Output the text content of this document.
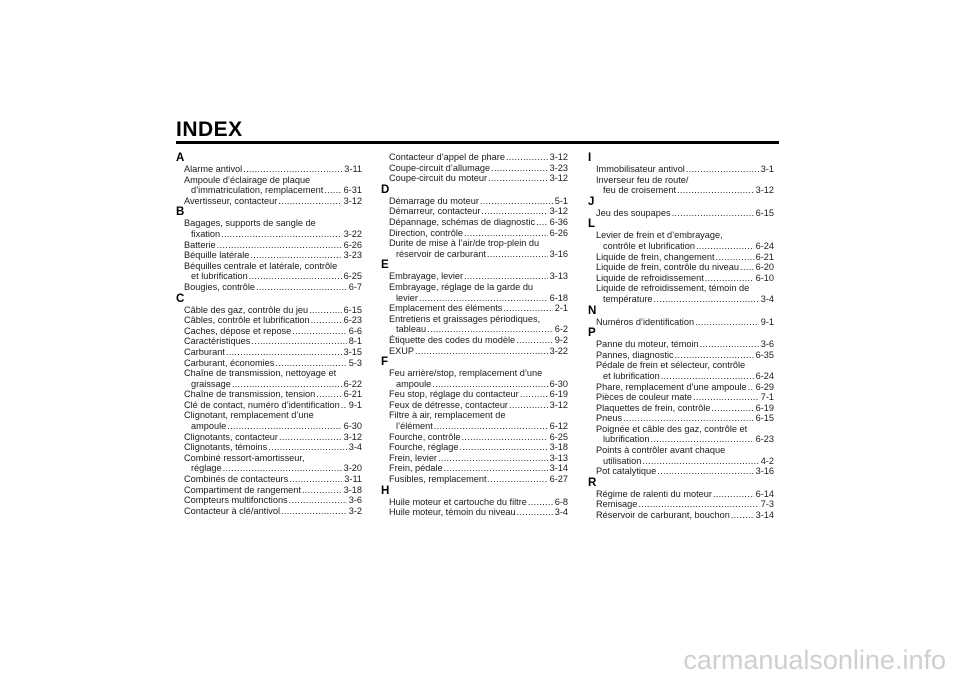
INDEX
A
Alarme antivol .....	3-11
Ampoule d’éclairage de plaque
d’immatriculation, remplacement ..... 6-31
Avertisseur, contacteur .....	3-12
B
Bagages, supports de sangle de
fixation .....	3-22
Batterie .....	6-26
Béquille latérale .....	3-23
Béquilles centrale et latérale, contrôle
et lubrification .....	6-25
Bougies, contrôle .....	6-7
C
Câble des gaz, contrôle du jeu .....	6-15
Câbles, contrôle et lubrification .....	6-23
Caches, dépose et repose .....	6-6
Caractéristiques .....	8-1
Carburant .....	3-15
Carburant, économies .....	5-3
Chaîne de transmission, nettoyage et
graissage .....	6-22
Chaîne de transmission, tension .....	6-21
Clé de contact, numéro d’identification ..... 9-1
Clignotant, remplacement d’une
ampoule .....	6-30
Clignotants, contacteur .....	3-12
Clignotants, témoins .....	3-4
Combiné ressort-amortisseur,
réglage .....	3-20
Combinés de contacteurs .....	3-11
Compartiment de rangement .....	3-18
Compteurs multifonctions .....	3-6
Contacteur à clé/antivol .....	3-2
Contacteur d’appel de phare .....	3-12
Coupe-circuit d’allumage .....	3-23
Coupe-circuit du moteur .....	3-12
D
Démarrage du moteur .....	5-1
Démarreur, contacteur .....	3-12
Dépannage, schémas de diagnostic ..... 6-36
Direction, contrôle .....	6-26
Durite de mise à l’air/de trop-plein du
réservoir de carburant .....	3-16
E
Embrayage, levier .....	3-13
Embrayage, réglage de la garde du
levier .....	6-18
Emplacement des éléments .....	2-1
Entretiens et graissages périodiques,
tableau .....	6-2
Étiquette des codes du modèle .....	9-2
EXUP .....	3-22
F
Feu arrière/stop, remplacement d’une
ampoule .....	6-30
Feu stop, réglage du contacteur .....	6-19
Feux de détresse, contacteur .....	3-12
Filtre à air, remplacement de
l’élément .....	6-12
Fourche, contrôle .....	6-25
Fourche, réglage .....	3-18
Frein, levier .....	3-13
Frein, pédale .....	3-14
Fusibles, remplacement .....	6-27
H
Huile moteur et cartouche du filtre .....	6-8
Huile moteur, témoin du niveau .....	3-4
I
Immobilisateur antivol .....	3-1
Inverseur feu de route/
feu de croisement .....	3-12
J
Jeu des soupapes .....	6-15
L
Levier de frein et d’embrayage,
contrôle et lubrification .....	6-24
Liquide de frein, changement .....	6-21
Liquide de frein, contrôle du niveau ..... 6-20
Liquide de refroidissement .....	6-10
Liquide de refroidissement, témoin de
température .....	3-4
N
Numéros d’identification .....	9-1
P
Panne du moteur, témoin .....	3-6
Pannes, diagnostic .....	6-35
Pédale de frein et sélecteur, contrôle
et lubrification .....	6-24
Phare, remplacement d’une ampoule ..... 6-29
Pièces de couleur mate .....	7-1
Plaquettes de frein, contrôle .....	6-19
Pneus .....	6-15
Poignée et câble des gaz, contrôle et
lubrification .....	6-23
Points à contrôler avant chaque
utilisation .....	4-2
Pot catalytique .....	3-16
R
Régime de ralenti du moteur .....	6-14
Remisage .....	7-3
Réservoir de carburant, bouchon .....	3-14
carmanualsonline.info
